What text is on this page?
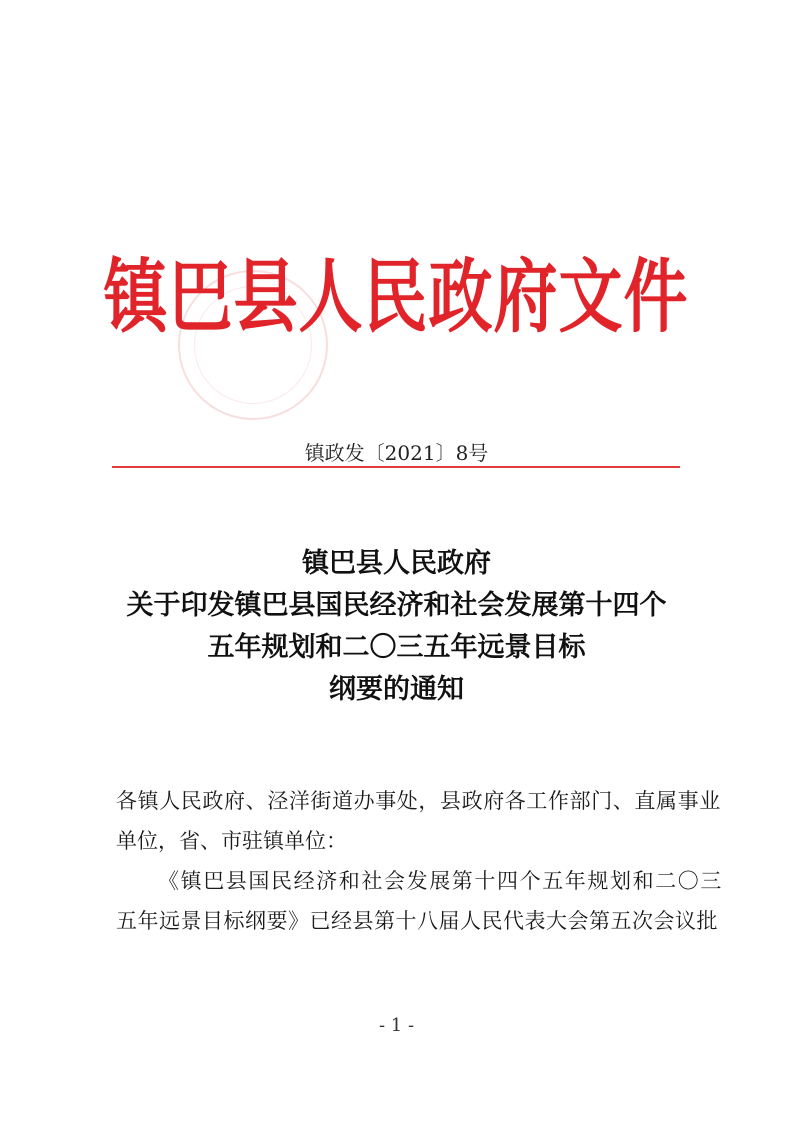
镇巴县人民政府文件
镇政发〔2021〕8号
镇巴县人民政府
关于印发镇巴县国民经济和社会发展第十四个
五年规划和二〇三五年远景目标
纲要的通知
各镇人民政府、泾洋街道办事处，县政府各工作部门、直属事业
单位，省、市驻镇单位：
《镇巴县国民经济和社会发展第十四个五年规划和二〇三
五年远景目标纲要》已经县第十八届人民代表大会第五次会议批
- 1 -
